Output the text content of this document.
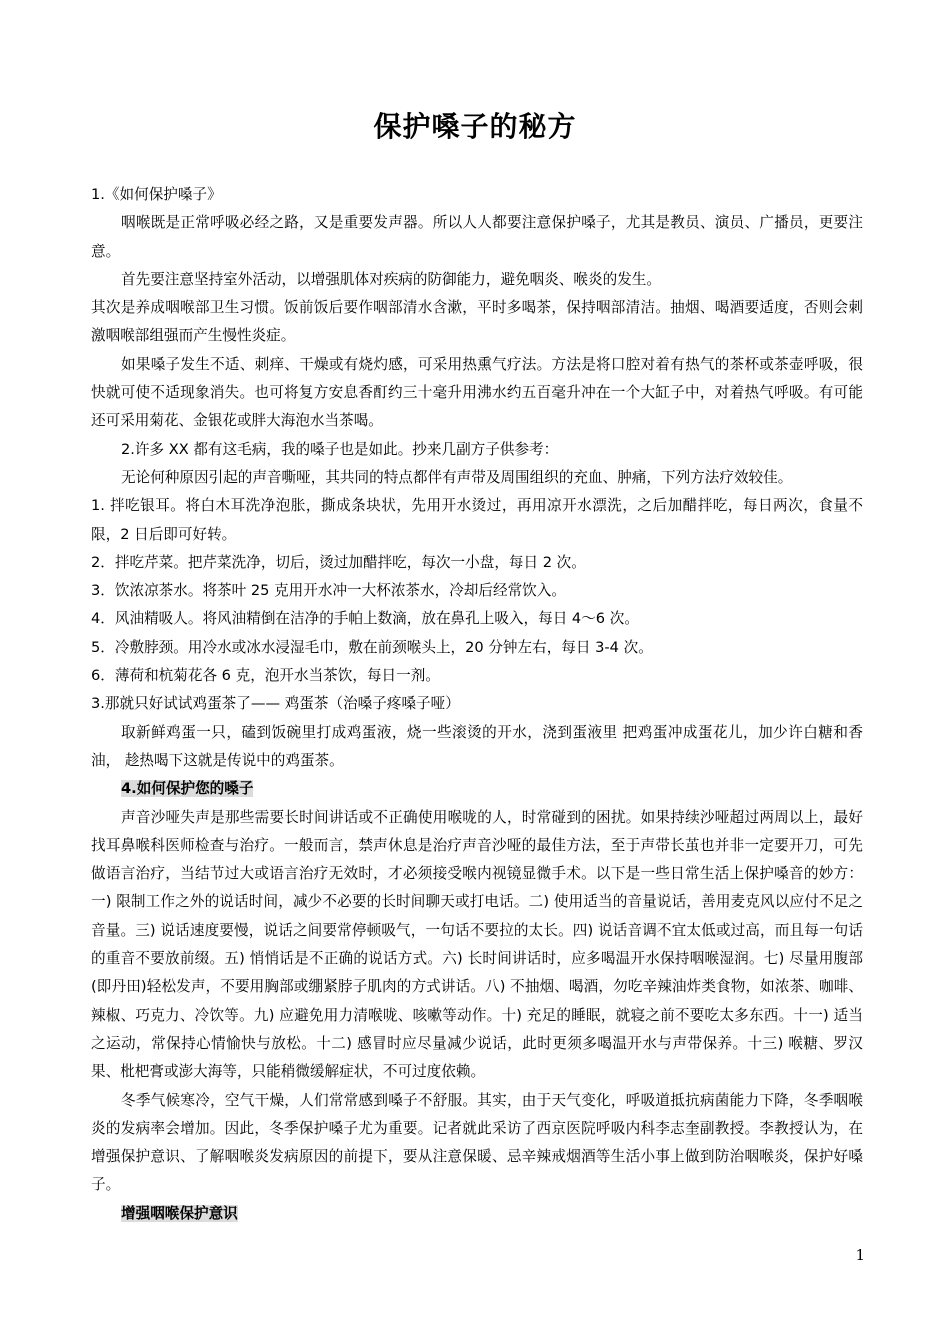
保护嗓子的秘方

1.《如何保护嗓子》

咽喉既是正常呼吸必经之路，又是重要发声器。所以人人都要注意保护嗓子，尤其是教员、演员、广播员，更要注意。

首先要注意坚持室外活动，以增强肌体对疾病的防御能力，避免咽炎、喉炎的发生。

其次是养成咽喉部卫生习惯。饭前饭后要作咽部清水含漱，平时多喝茶，保持咽部清洁。抽烟、喝酒要适度，否则会刺激咽喉部组强而产生慢性炎症。

如果嗓子发生不适、刺痒、干燥或有烧灼感，可采用热熏气疗法。方法是将口腔对着有热气的茶杯或茶壶呼吸，很快就可使不适现象消失。也可将复方安息香酊约三十毫升用沸水约五百毫升冲在一个大缸子中，对着热气呼吸。有可能还可采用菊花、金银花或胖大海泡水当茶喝。

2.许多 XX 都有这毛病，我的嗓子也是如此。抄来几副方子供参考：

无论何种原因引起的声音嘶哑，其共同的特点都伴有声带及周围组织的充血、肿痛，下列方法疗效较佳。

1. 拌吃银耳。将白木耳洗净泡胀，撕成条块状，先用开水烫过，再用凉开水漂洗，之后加醋拌吃，每日两次，食量不限，2 日后即可好转。

2．拌吃芹菜。把芹菜洗净，切后，烫过加醋拌吃，每次一小盘，每日 2 次。

3．饮浓凉茶水。将茶叶 25 克用开水冲一大杯浓茶水，冷却后经常饮入。

4．风油精吸人。将风油精倒在洁净的手帕上数滴，放在鼻孔上吸入，每日 4～6 次。

5．冷敷脖颈。用冷水或冰水浸湿毛巾，敷在前颈喉头上，20 分钟左右，每日 3-4 次。

6．薄荷和杭菊花各 6 克，泡开水当茶饮，每日一剂。

3.那就只好试试鸡蛋茶了—— 鸡蛋茶（治嗓子疼嗓子哑）

取新鲜鸡蛋一只，磕到饭碗里打成鸡蛋液，烧一些滚烫的开水，浇到蛋液里 把鸡蛋冲成蛋花儿，加少许白糖和香油， 趁热喝下这就是传说中的鸡蛋茶。

4.如何保护您的嗓子

声音沙哑失声是那些需要长时间讲话或不正确使用喉咙的人，时常碰到的困扰。如果持续沙哑超过两周以上，最好找耳鼻喉科医师检查与治疗。一般而言，禁声休息是治疗声音沙哑的最佳方法，至于声带长茧也并非一定要开刀，可先做语言治疗，当结节过大或语言治疗无效时，才必须接受喉内视镜显微手术。以下是一些日常生活上保护嗓音的妙方：一) 限制工作之外的说话时间，减少不必要的长时间聊天或打电话。二) 使用适当的音量说话，善用麦克风以应付不足之音量。三) 说话速度要慢，说话之间要常停顿吸气，一句话不要拉的太长。四) 说话音调不宜太低或过高，而且每一句话的重音不要放前缀。五) 悄悄话是不正确的说话方式。六) 长时间讲话时，应多喝温开水保持咽喉湿润。七) 尽量用腹部(即丹田)轻松发声，不要用胸部或绷紧脖子肌肉的方式讲话。八) 不抽烟、喝酒，勿吃辛辣油炸类食物，如浓茶、咖啡、辣椒、巧克力、冷饮等。九) 应避免用力清喉咙、咳嗽等动作。十) 充足的睡眠，就寝之前不要吃太多东西。十一) 适当之运动，常保持心情愉快与放松。十二) 感冒时应尽量减少说话，此时更须多喝温开水与声带保养。十三) 喉糖、罗汉果、枇杷膏或澎大海等，只能稍微缓解症状，不可过度依赖。

冬季气候寒冷，空气干燥，人们常常感到嗓子不舒服。其实，由于天气变化，呼吸道抵抗病菌能力下降，冬季咽喉炎的发病率会增加。因此，冬季保护嗓子尤为重要。记者就此采访了西京医院呼吸内科李志奎副教授。李教授认为，在增强保护意识、了解咽喉炎发病原因的前提下，要从注意保暖、忌辛辣戒烟酒等生活小事上做到防治咽喉炎，保护好嗓子。

增强咽喉保护意识

1
